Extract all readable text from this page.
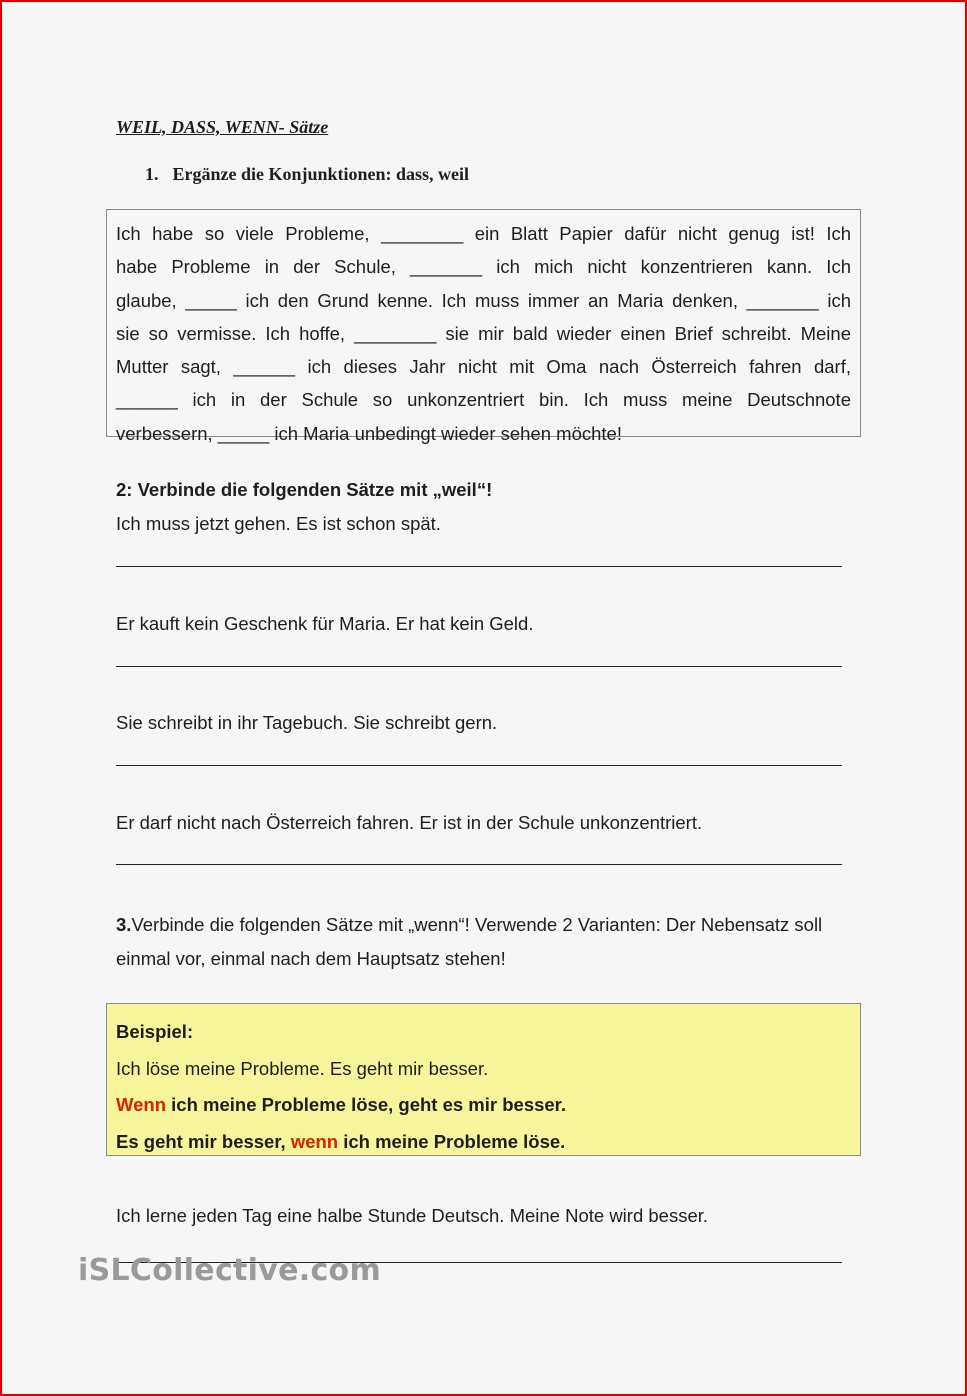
WEIL, DASS, WENN- Sätze
1. Ergänze die Konjunktionen: dass, weil
Ich habe so viele Probleme, ________ ein Blatt Papier dafür nicht genug ist! Ich
habe Probleme in der Schule, _______ ich mich nicht konzentrieren kann. Ich
glaube, _____ ich den Grund kenne. Ich muss immer an Maria denken, _______ ich
sie so vermisse. Ich hoffe, ________ sie mir bald wieder einen Brief schreibt. Meine
Mutter sagt, ______ ich dieses Jahr nicht mit Oma nach Österreich fahren darf,
______ ich in der Schule so unkonzentriert bin. Ich muss meine Deutschnote
verbessern, _____ ich Maria unbedingt wieder sehen möchte!
2: Verbinde die folgenden Sätze mit „weil“!
Ich muss jetzt gehen. Es ist schon spät.
Er kauft kein Geschenk für Maria. Er hat kein Geld.
Sie schreibt in ihr Tagebuch. Sie schreibt gern.
Er darf nicht nach Österreich fahren. Er ist in der Schule unkonzentriert.
3.Verbinde die folgenden Sätze mit „wenn“! Verwende 2 Varianten: Der Nebensatz soll einmal vor, einmal nach dem Hauptsatz stehen!
Beispiel:
Ich löse meine Probleme. Es geht mir besser.
Wenn ich meine Probleme löse, geht es mir besser.
Es geht mir besser, wenn ich meine Probleme löse.
Ich lerne jeden Tag eine halbe Stunde Deutsch. Meine Note wird besser.
iSLCollective.com
